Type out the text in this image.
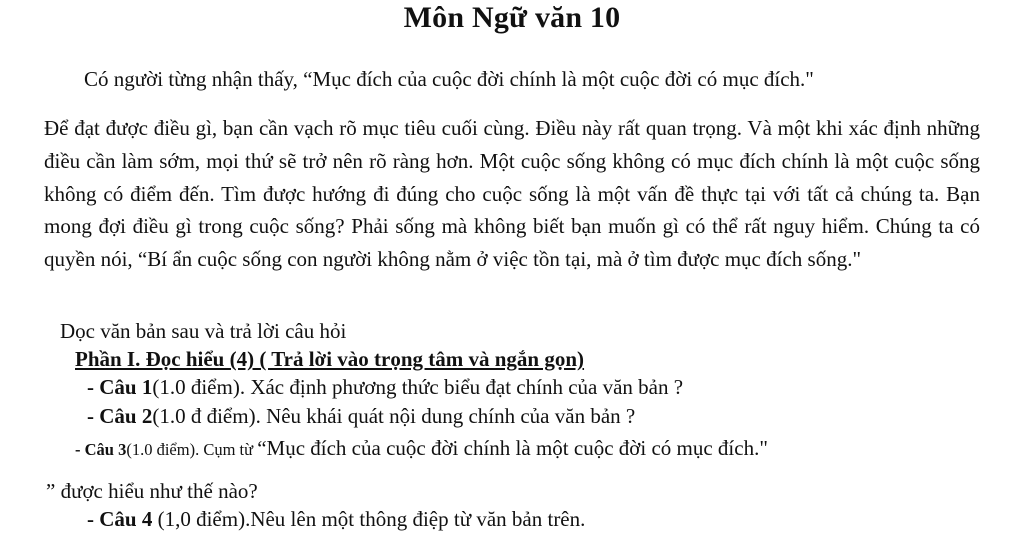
Môn Ngữ văn 10
Có người từng nhận thấy, “Mục đích của cuộc đời chính là một cuộc đời có mục đích."
Để đạt được điều gì, bạn cần vạch rõ mục tiêu cuối cùng. Điều này rất quan trọng. Và một khi xác định những điều cần làm sớm, mọi thứ sẽ trở nên rõ ràng hơn. Một cuộc sống không có mục đích chính là một cuộc sống không có điểm đến. Tìm được hướng đi đúng cho cuộc sống là một vấn đề thực tại với tất cả chúng ta. Bạn mong đợi điều gì trong cuộc sống? Phải sống mà không biết bạn muốn gì có thể rất nguy hiểm. Chúng ta có quyền nói, “Bí ẩn cuộc sống con người không nằm ở việc tồn tại, mà ở tìm được mục đích sống."
Dọc văn bản sau và trả lời câu hỏi
Phần I. Đọc hiểu (4) ( Trả lời vào trọng tâm và ngắn gọn)
- Câu 1(1.0 điểm). Xác định phương thức biểu đạt chính của văn bản ?
- Câu 2(1.0 đ điểm). Nêu khái quát nội dung chính của văn bản ?
- Câu 3(1.0 điểm). Cụm từ “Mục đích của cuộc đời chính là một cuộc đời có mục đích."
” được hiểu như thế nào?
- Câu 4 (1,0 điểm).Nêu lên một thông điệp từ văn bản trên.
